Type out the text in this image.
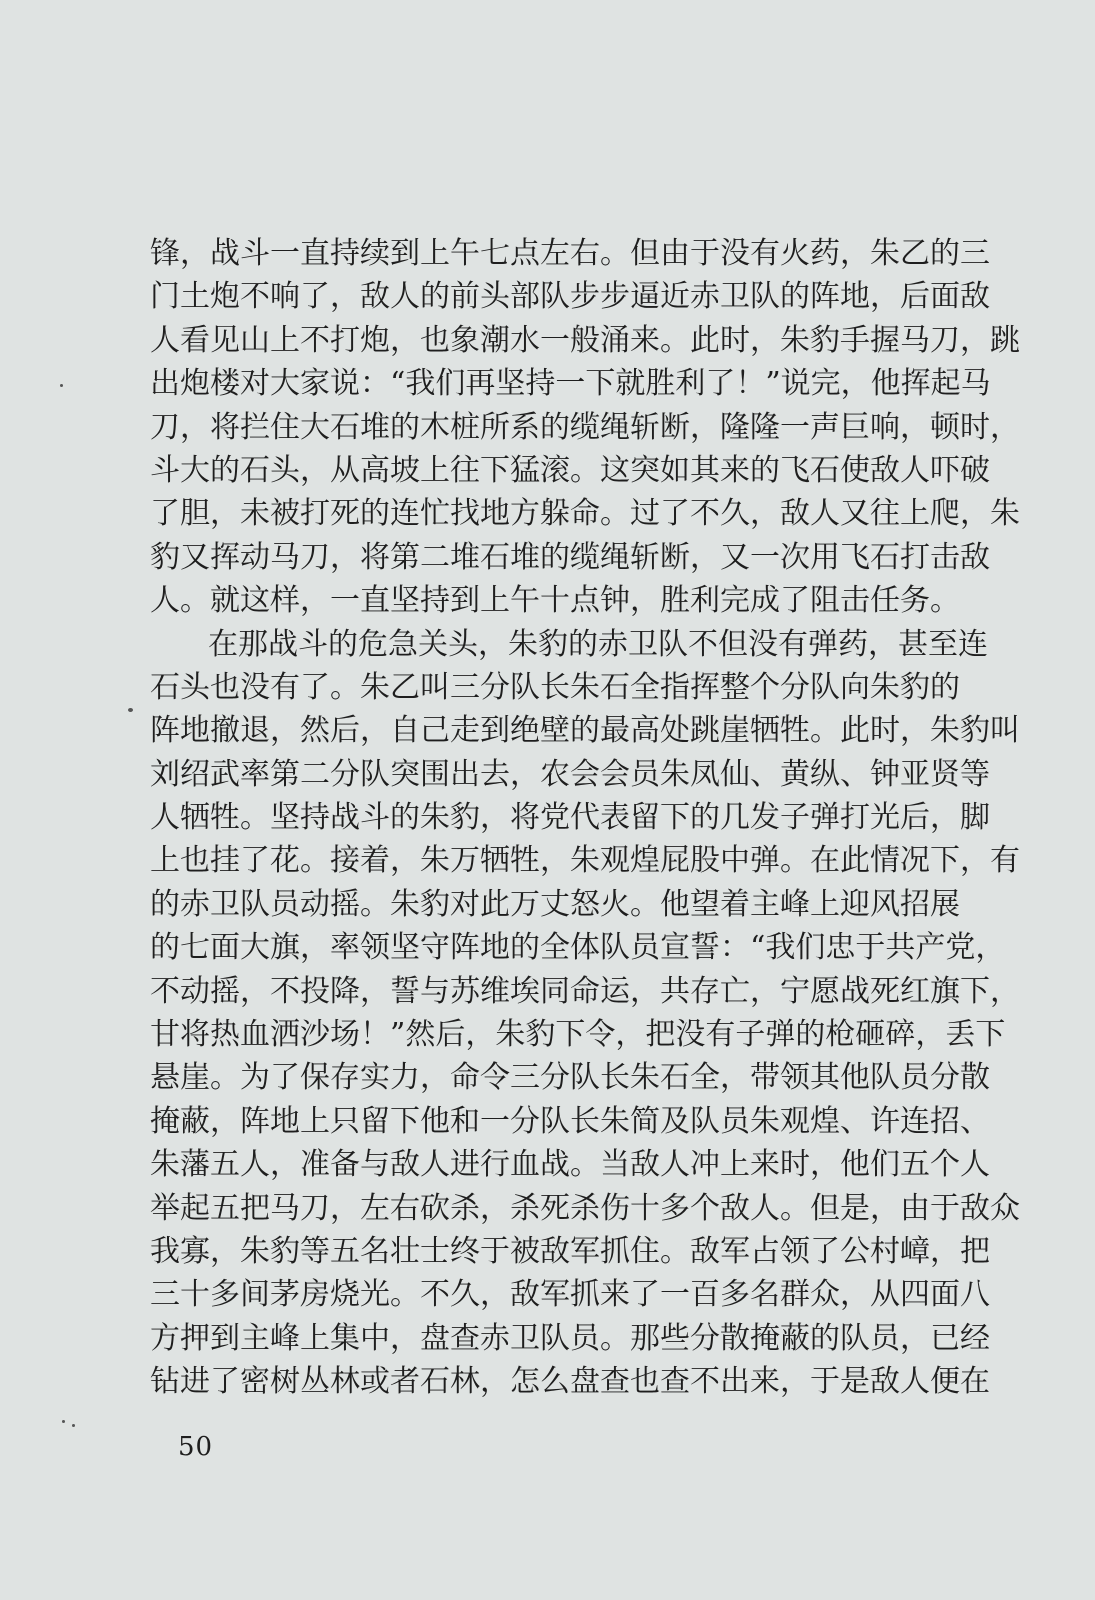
锋，战斗一直持续到上午七点左右。但由于没有火药，朱乙的三
门土炮不响了，敌人的前头部队步步逼近赤卫队的阵地，后面敌
人看见山上不打炮，也象潮水一般涌来。此时，朱豹手握马刀，跳
出炮楼对大家说：“我们再坚持一下就胜利了！”说完，他挥起马
刀，将拦住大石堆的木桩所系的缆绳斩断，隆隆一声巨响，顿时，
斗大的石头，从高坡上往下猛滚。这突如其来的飞石使敌人吓破
了胆，未被打死的连忙找地方躲命。过了不久，敌人又往上爬，朱
豹又挥动马刀，将第二堆石堆的缆绳斩断，又一次用飞石打击敌
人。就这样，一直坚持到上午十点钟，胜利完成了阻击任务。
在那战斗的危急关头，朱豹的赤卫队不但没有弹药，甚至连
石头也没有了。朱乙叫三分队长朱石全指挥整个分队向朱豹的
阵地撤退，然后，自己走到绝壁的最高处跳崖牺牲。此时，朱豹叫
刘绍武率第二分队突围出去，农会会员朱凤仙、黄纵、钟亚贤等
人牺牲。坚持战斗的朱豹，将党代表留下的几发子弹打光后，脚
上也挂了花。接着，朱万牺牲，朱观煌屁股中弹。在此情况下，有
的赤卫队员动摇。朱豹对此万丈怒火。他望着主峰上迎风招展
的七面大旗，率领坚守阵地的全体队员宣誓：“我们忠于共产党，
不动摇，不投降，誓与苏维埃同命运，共存亡，宁愿战死红旗下，
甘将热血洒沙场！”然后，朱豹下令，把没有子弹的枪砸碎，丢下
悬崖。为了保存实力，命令三分队长朱石全，带领其他队员分散
掩蔽，阵地上只留下他和一分队长朱简及队员朱观煌、许连招、
朱藩五人，准备与敌人进行血战。当敌人冲上来时，他们五个人
举起五把马刀，左右砍杀，杀死杀伤十多个敌人。但是，由于敌众
我寡，朱豹等五名壮士终于被敌军抓住。敌军占领了公村嶂，把
三十多间茅房烧光。不久，敌军抓来了一百多名群众，从四面八
方押到主峰上集中，盘查赤卫队员。那些分散掩蔽的队员，已经
钻进了密树丛林或者石林，怎么盘查也查不出来，于是敌人便在
50
